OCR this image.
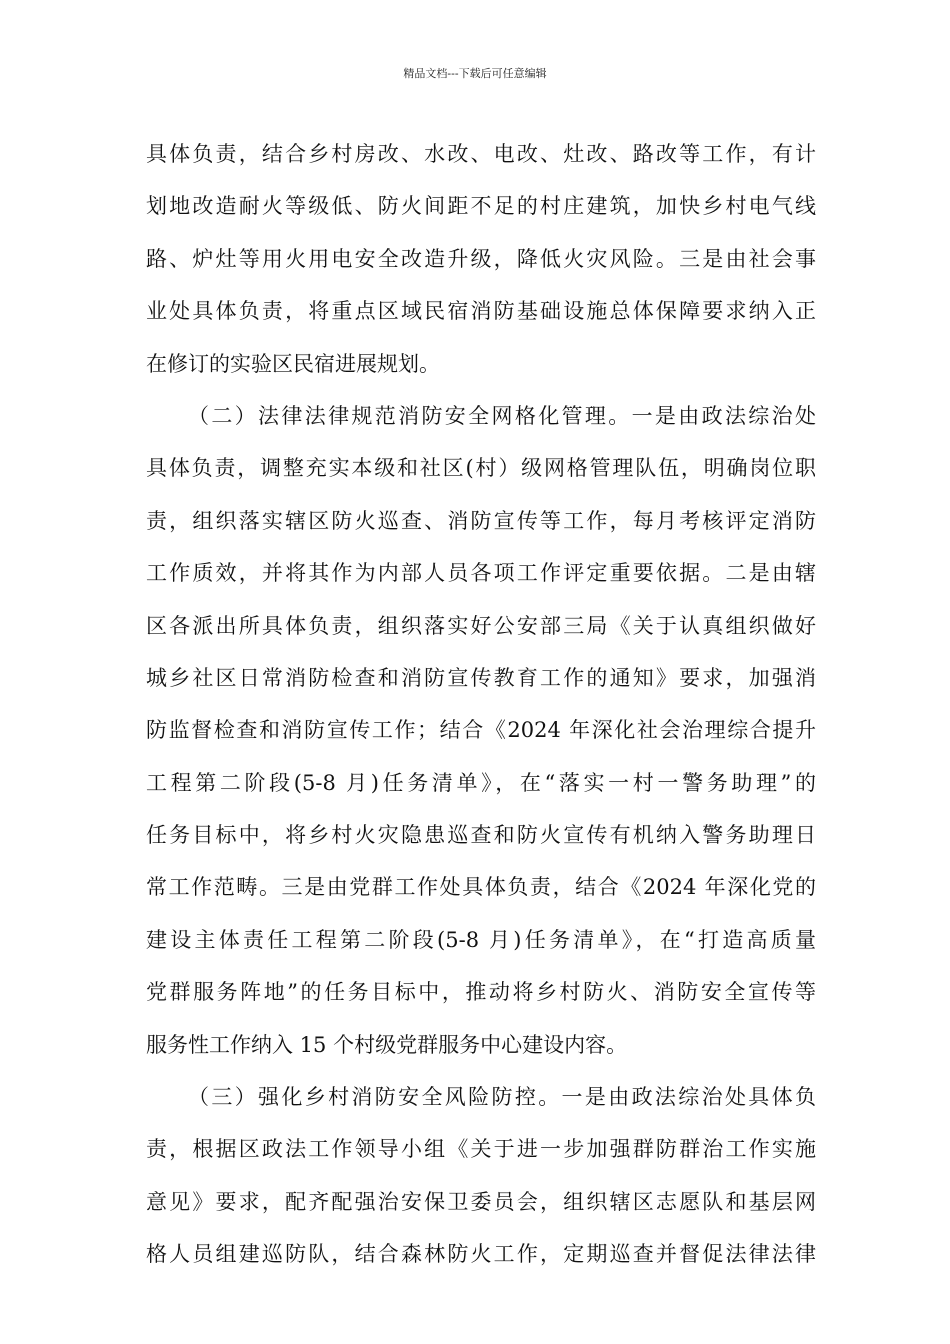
精品文档---下载后可任意编辑
具体负责，结合乡村房改、水改、电改、灶改、路改等工作，有计
划地改造耐火等级低、防火间距不足的村庄建筑，加快乡村电气线
路、炉灶等用火用电安全改造升级，降低火灾风险。三是由社会事
业处具体负责，将重点区域民宿消防基础设施总体保障要求纳入正
在修订的实验区民宿进展规划。
（二）法律法律规范消防安全网格化管理。一是由政法综治处
具体负责，调整充实本级和社区(村）级网格管理队伍，明确岗位职
责，组织落实辖区防火巡查、消防宣传等工作，每月考核评定消防
工作质效，并将其作为内部人员各项工作评定重要依据。二是由辖
区各派出所具体负责，组织落实好公安部三局《关于认真组织做好
城乡社区日常消防检查和消防宣传教育工作的通知》要求，加强消
防监督检查和消防宣传工作；结合《2024 年深化社会治理综合提升
工程第二阶段(5-8 月)任务清单》，在“落实一村一警务助理”的
任务目标中，将乡村火灾隐患巡查和防火宣传有机纳入警务助理日
常工作范畴。三是由党群工作处具体负责，结合《2024 年深化党的
建设主体责任工程第二阶段(5-8 月)任务清单》，在“打造高质量
党群服务阵地”的任务目标中，推动将乡村防火、消防安全宣传等
服务性工作纳入 15 个村级党群服务中心建设内容。
（三）强化乡村消防安全风险防控。一是由政法综治处具体负
责，根据区政法工作领导小组《关于进一步加强群防群治工作实施
意见》要求，配齐配强治安保卫委员会，组织辖区志愿队和基层网
格人员组建巡防队，结合森林防火工作，定期巡查并督促法律法律
